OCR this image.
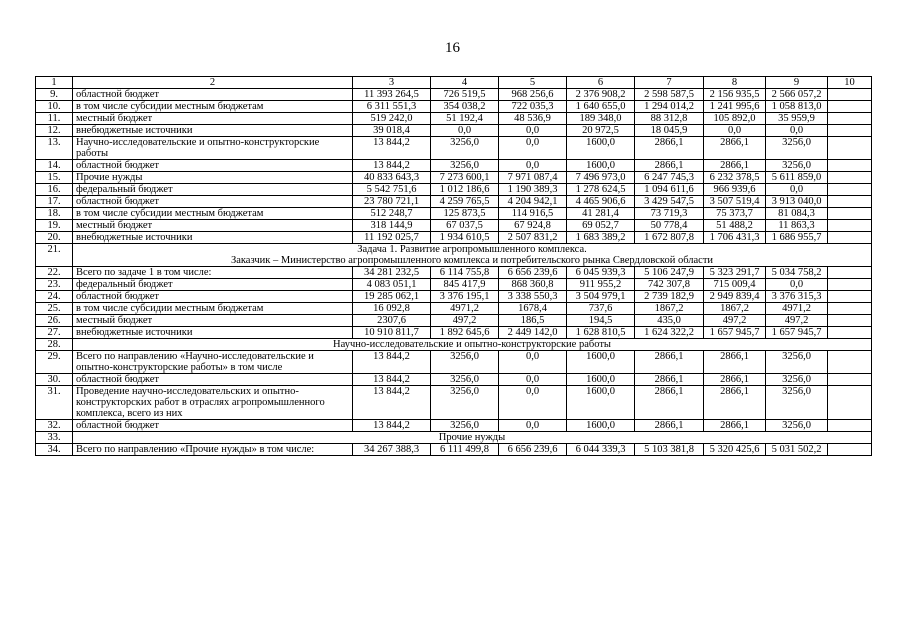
16
1	2	3	4	5	6	7	8	9	10
9.	областной бюджет	11 393 264,5	726 519,5	968 256,6	2 376 908,2	2 598 587,5	2 156 935,5	2 566 057,2	
10.	в том числе субсидии местным бюджетам	6 311 551,3	354 038,2	722 035,3	1 640 655,0	1 294 014,2	1 241 995,6	1 058 813,0	
11.	местный бюджет	519 242,0	51 192,4	48 536,9	189 348,0	88 312,8	105 892,0	35 959,9	
12.	внебюджетные источники	39 018,4	0,0	0,0	20 972,5	18 045,9	0,0	0,0	
13.	Научно-исследовательские и опытно-конструкторские работы	13 844,2	3256,0	0,0	1600,0	2866,1	2866,1	3256,0	
14.	областной бюджет	13 844,2	3256,0	0,0	1600,0	2866,1	2866,1	3256,0	
15.	Прочие нужды	40 833 643,3	7 273 600,1	7 971 087,4	7 496 973,0	6 247 745,3	6 232 378,5	5 611 859,0	
16.	федеральный бюджет	5 542 751,6	1 012 186,6	1 190 389,3	1 278 624,5	1 094 611,6	966 939,6	0,0	
17.	областной бюджет	23 780 721,1	4 259 765,5	4 204 942,1	4 465 906,6	3 429 547,5	3 507 519,4	3 913 040,0	
18.	в том числе субсидии местным бюджетам	512 248,7	125 873,5	114 916,5	41 281,4	73 719,3	75 373,7	81 084,3	
19.	местный бюджет	318 144,9	67 037,5	67 924,8	69 052,7	50 778,4	51 488,2	11 863,3	
20.	внебюджетные источники	11 192 025,7	1 934 610,5	2 507 831,2	1 683 389,2	1 672 807,8	1 706 431,3	1 686 955,7	
21.	Задача 1. Развитие агропромышленного комплекса.
Заказчик – Министерство агропромышленного комплекса и потребительского рынка Свердловской области								

22.	Всего по задаче 1 в том числе:	34 281 232,5	6 114 755,8	6 656 239,6	6 045 939,3	5 106 247,9	5 323 291,7	5 034 758,2	
23.	федеральный бюджет	4 083 051,1	845 417,9	868 360,8	911 955,2	742 307,8	715 009,4	0,0	
24.	областной бюджет	19 285 062,1	3 376 195,1	3 338 550,3	3 504 979,1	2 739 182,9	2 949 839,4	3 376 315,3	
25.	в том числе субсидии местным бюджетам	16 092,8	4971,2	1678,4	737,6	1867,2	1867,2	4971,2	
26.	местный бюджет	2307,6	497,2	186,5	194,5	435,0	497,2	497,2	
27.	внебюджетные источники	10 910 811,7	1 892 645,6	2 449 142,0	1 628 810,5	1 624 322,2	1 657 945,7	1 657 945,7	
28.	Научно-исследовательские и опытно-конструкторские работы								

29.	Всего по направлению «Научно-исследовательские и опытно-конструкторские работы» в том числе	13 844,2	3256,0	0,0	1600,0	2866,1	2866,1	3256,0	
30.	областной бюджет	13 844,2	3256,0	0,0	1600,0	2866,1	2866,1	3256,0	
31.	Проведение научно-исследовательских и опытно-конструкторских работ в отраслях агропромышленного комплекса, всего из них	13 844,2	3256,0	0,0	1600,0	2866,1	2866,1	3256,0	
32.	областной бюджет	13 844,2	3256,0	0,0	1600,0	2866,1	2866,1	3256,0	
33.	Прочие нужды								

34.	Всего по направлению «Прочие нужды» в том числе:	34 267 388,3	6 111 499,8	6 656 239,6	6 044 339,3	5 103 381,8	5 320 425,6	5 031 502,2	
